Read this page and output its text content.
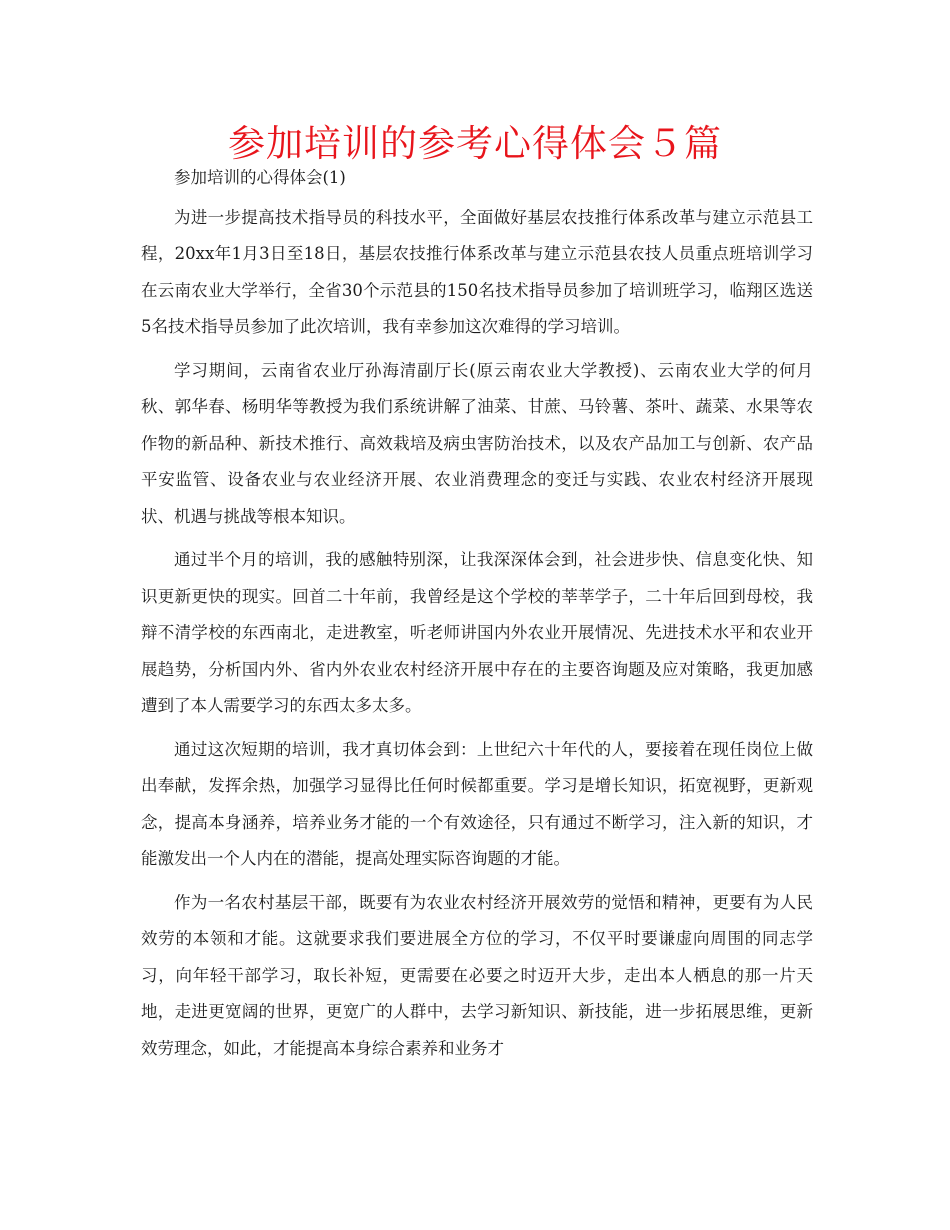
参加培训的参考心得体会５篇

参加培训的心得体会(1)

为进一步提高技术指导员的科技水平，全面做好基层农技推行体系改革与建立示范县工程，20xx年1月3日至18日，基层农技推行体系改革与建立示范县农技人员重点班培训学习在云南农业大学举行，全省30个示范县的150名技术指导员参加了培训班学习，临翔区选送5名技术指导员参加了此次培训，我有幸参加这次难得的学习培训。

学习期间，云南省农业厅孙海清副厅长(原云南农业大学教授)、云南农业大学的何月秋、郭华春、杨明华等教授为我们系统讲解了油菜、甘蔗、马铃薯、茶叶、蔬菜、水果等农作物的新品种、新技术推行、高效栽培及病虫害防治技术，以及农产品加工与创新、农产品平安监管、设备农业与农业经济开展、农业消费理念的变迁与实践、农业农村经济开展现状、机遇与挑战等根本知识。

通过半个月的培训，我的感触特别深，让我深深体会到，社会进步快、信息变化快、知识更新更快的现实。回首二十年前，我曾经是这个学校的莘莘学子，二十年后回到母校，我辩不清学校的东西南北，走进教室，听老师讲国内外农业开展情况、先进技术水平和农业开展趋势，分析国内外、省内外农业农村经济开展中存在的主要咨询题及应对策略，我更加感遭到了本人需要学习的东西太多太多。

通过这次短期的培训，我才真切体会到：上世纪六十年代的人，要接着在现任岗位上做出奉献，发挥余热，加强学习显得比任何时候都重要。学习是增长知识，拓宽视野，更新观念，提高本身涵养，培养业务才能的一个有效途径，只有通过不断学习，注入新的知识，才能激发出一个人内在的潜能，提高处理实际咨询题的才能。

作为一名农村基层干部，既要有为农业农村经济开展效劳的觉悟和精神，更要有为人民效劳的本领和才能。这就要求我们要进展全方位的学习，不仅平时要谦虚向周围的同志学习，向年轻干部学习，取长补短，更需要在必要之时迈开大步，走出本人栖息的那一片天地，走进更宽阔的世界，更宽广的人群中，去学习新知识、新技能，进一步拓展思维，更新效劳理念，如此，才能提高本身综合素养和业务才
